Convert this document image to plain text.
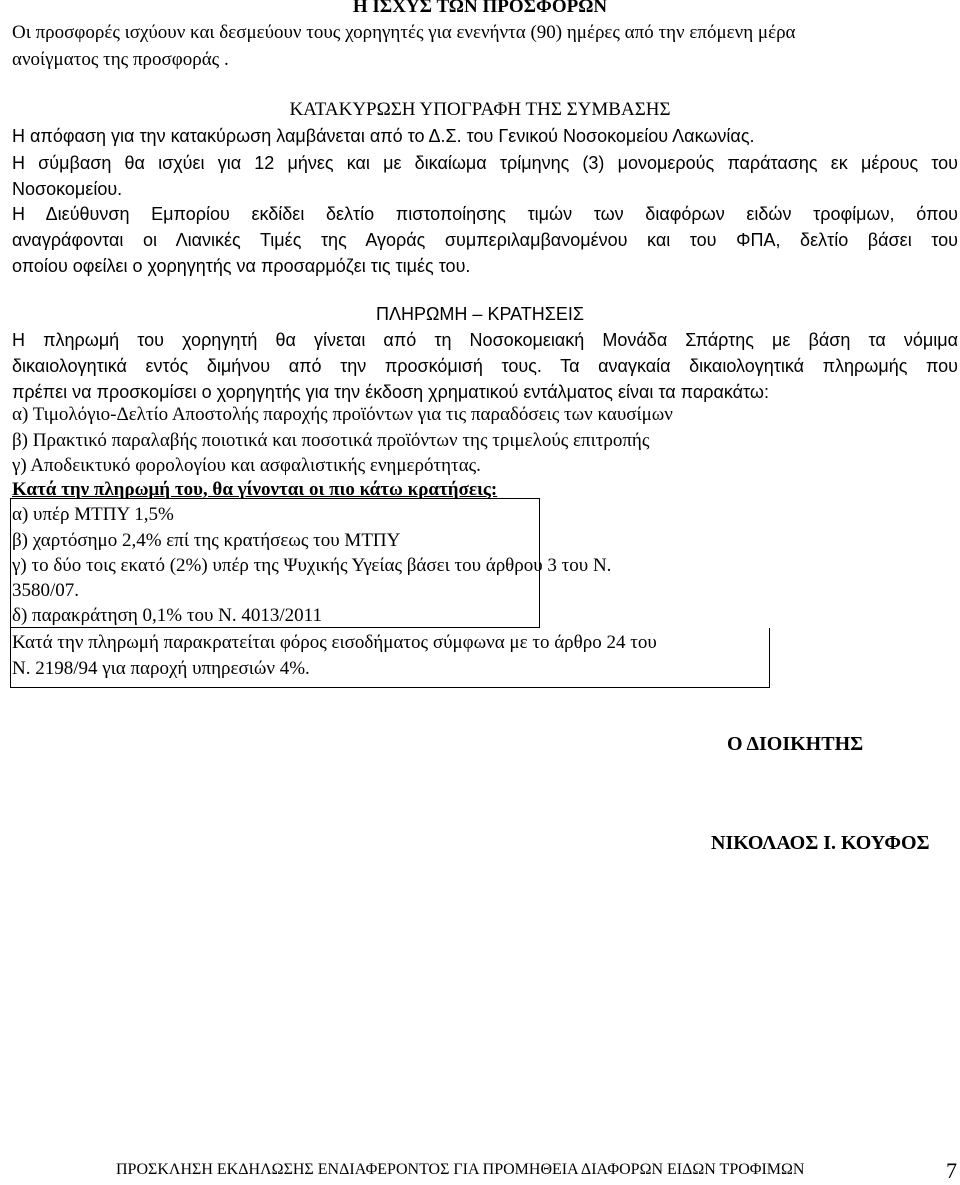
Η ΙΣΧΥΣ ΤΩΝ ΠΡΟΣΦΟΡΩΝ
Οι προσφορές ισχύουν και δεσμεύουν τους χορηγητές για ενενήντα (90) ημέρες από την επόμενη μέρα
ανοίγματος της προσφοράς .
ΚΑΤΑΚΥΡΩΣΗ ΥΠΟΓΡΑΦΗ ΤΗΣ ΣΥΜΒΑΣΗΣ
Η απόφαση για την κατακύρωση λαμβάνεται από το Δ.Σ. του Γενικού Νοσοκομείου Λακωνίας.
Η σύμβαση θα ισχύει για 12 μήνες και με δικαίωμα τρίμηνης (3) μονομερούς παράτασης εκ μέρους του
Νοσοκομείου.
Η Διεύθυνση Εμπορίου εκδίδει δελτίο πιστοποίησης τιμών των διαφόρων ειδών τροφίμων, όπου
αναγράφονται οι Λιανικές Τιμές της Αγοράς συμπεριλαμβανομένου και του ΦΠΑ, δελτίο βάσει του
οποίου οφείλει ο χορηγητής να προσαρμόζει τις τιμές του.
ΠΛΗΡΩΜΗ – ΚΡΑΤΗΣΕΙΣ
Η πληρωμή του χορηγητή θα γίνεται από τη Νοσοκομειακή Μονάδα Σπάρτης με βάση τα νόμιμα
δικαιολογητικά εντός διμήνου από την προσκόμισή τους. Τα αναγκαία δικαιολογητικά πληρωμής που
πρέπει να προσκομίσει ο χορηγητής για την έκδοση χρηματικού εντάλματος είναι τα παρακάτω:
α) Τιμολόγιο-Δελτίο Αποστολής παροχής προϊόντων για τις παραδόσεις των καυσίμων
β) Πρακτικό παραλαβής ποιοτικά και ποσοτικά προϊόντων της τριμελούς επιτροπής
γ) Αποδεικτυκό φορολογίου και ασφαλιστικής ενημερότητας.
Κατά την πληρωμή του, θα γίνονται οι πιο κάτω κρατήσεις:
α) υπέρ ΜΤΠΥ 1,5%
β) χαρτόσημο 2,4% επί της κρατήσεως του ΜΤΠΥ
γ) το δύο τοις εκατό (2%) υπέρ της Ψυχικής Υγείας βάσει του άρθρου 3 του Ν.
3580/07.
δ) παρακράτηση 0,1% του Ν. 4013/2011
Κατά την πληρωμή παρακρατείται φόρος εισοδήματος σύμφωνα με το άρθρο 24 του
Ν. 2198/94 για παροχή υπηρεσιών 4%.
Ο ΔΙΟΙΚΗΤΗΣ
ΝΙΚΟΛΑΟΣ Ι. ΚΟΥΦΟΣ
ΠΡΟΣΚΛΗΣΗ ΕΚΔΗΛΩΣΗΣ ΕΝΔΙΑΦΕΡΟΝΤΟΣ ΓΙΑ ΠΡΟΜΗΘΕΙΑ ΔΙΑΦΟΡΩΝ ΕΙΔΩΝ ΤΡΟΦΙΜΩΝ	7
